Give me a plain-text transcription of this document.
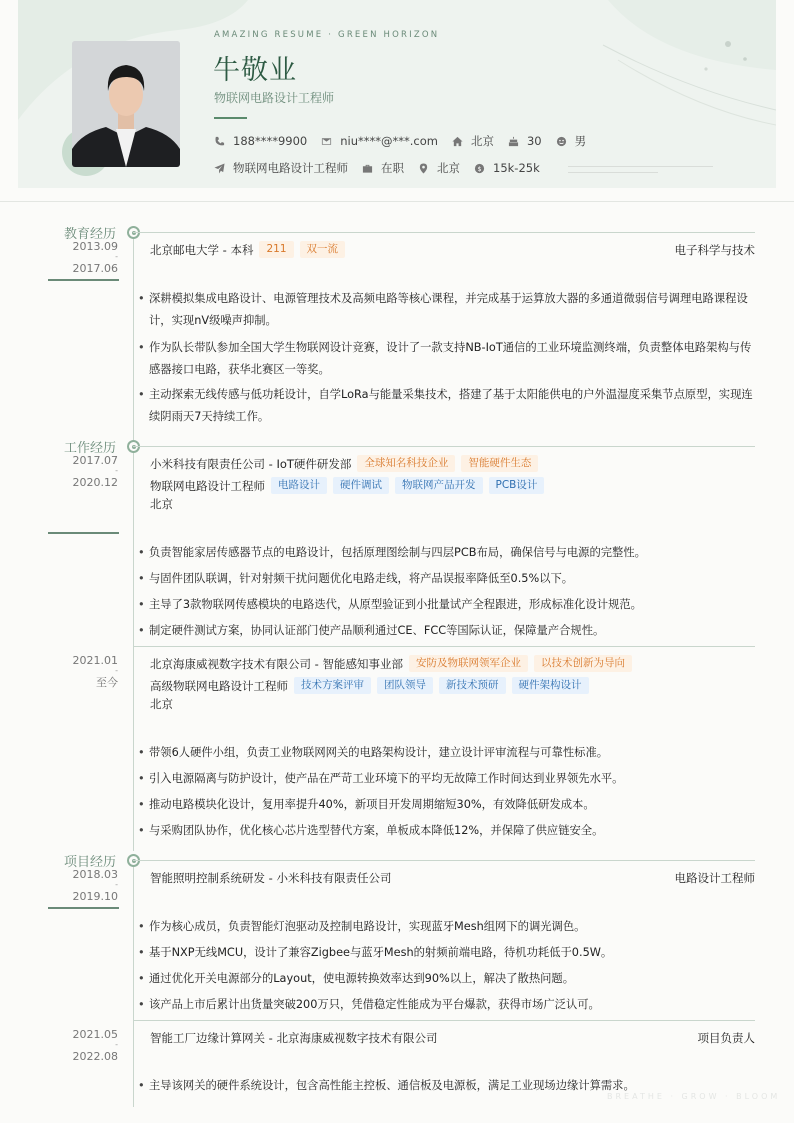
AMAZING RESUME · GREEN HORIZON
牛敬业
物联网电路设计工程师
188****9900	niu****@***.com	北京	30	男
物联网电路设计工程师	在职	北京 $ 15k-25k
教育经历
2013.09
-
2017.06
北京邮电大学 - 本科	211	双一流	电子科学与技术
• 深耕模拟集成电路设计、电源管理技术及高频电路等核心课程，并完成基于运算放大器的多通道微弱信号调理电路课程设计，实现nV级噪声抑制。
• 作为队长带队参加全国大学生物联网设计竞赛，设计了一款支持NB-IoT通信的工业环境监测终端，负责整体电路架构与传感器接口电路，获华北赛区一等奖。
• 主动探索无线传感与低功耗设计，自学LoRa与能量采集技术，搭建了基于太阳能供电的户外温湿度采集节点原型，实现连续阴雨天7天持续工作。
工作经历
2017.07
-
2020.12
小米科技有限责任公司 - IoT硬件研发部	全球知名科技企业	智能硬件生态
物联网电路设计工程师	电路设计	硬件调试	物联网产品开发	PCB设计
北京
• 负责智能家居传感器节点的电路设计，包括原理图绘制与四层PCB布局，确保信号与电源的完整性。
• 与固件团队联调，针对射频干扰问题优化电路走线，将产品误报率降低至0.5%以下。
• 主导了3款物联网传感模块的电路迭代，从原型验证到小批量试产全程跟进，形成标准化设计规范。
• 制定硬件测试方案，协同认证部门使产品顺利通过CE、FCC等国际认证，保障量产合规性。
2021.01
-
至今
北京海康威视数字技术有限公司 - 智能感知事业部	安防及物联网领军企业	以技术创新为导向
高级物联网电路设计工程师	技术方案评审	团队领导	新技术预研	硬件架构设计
北京
• 带领6人硬件小组，负责工业物联网网关的电路架构设计，建立设计评审流程与可靠性标准。
• 引入电源隔离与防护设计，使产品在严苛工业环境下的平均无故障工作时间达到业界领先水平。
• 推动电路模块化设计，复用率提升40%，新项目开发周期缩短30%，有效降低研发成本。
• 与采购团队协作，优化核心芯片选型替代方案，单板成本降低12%，并保障了供应链安全。
项目经历
2018.03
-
2019.10
智能照明控制系统研发 - 小米科技有限责任公司	电路设计工程师
• 作为核心成员，负责智能灯泡驱动及控制电路设计，实现蓝牙Mesh组网下的调光调色。
• 基于NXP无线MCU，设计了兼容Zigbee与蓝牙Mesh的射频前端电路，待机功耗低于0.5W。
• 通过优化开关电源部分的Layout，使电源转换效率达到90%以上，解决了散热问题。
• 该产品上市后累计出货量突破200万只，凭借稳定性能成为平台爆款，获得市场广泛认可。
2021.05
-
2022.08
智能工厂边缘计算网关 - 北京海康威视数字技术有限公司	项目负责人
• 主导该网关的硬件系统设计，包含高性能主控板、通信板及电源板，满足工业现场边缘计算需求。
BREATHE · GROW · BLOOM
